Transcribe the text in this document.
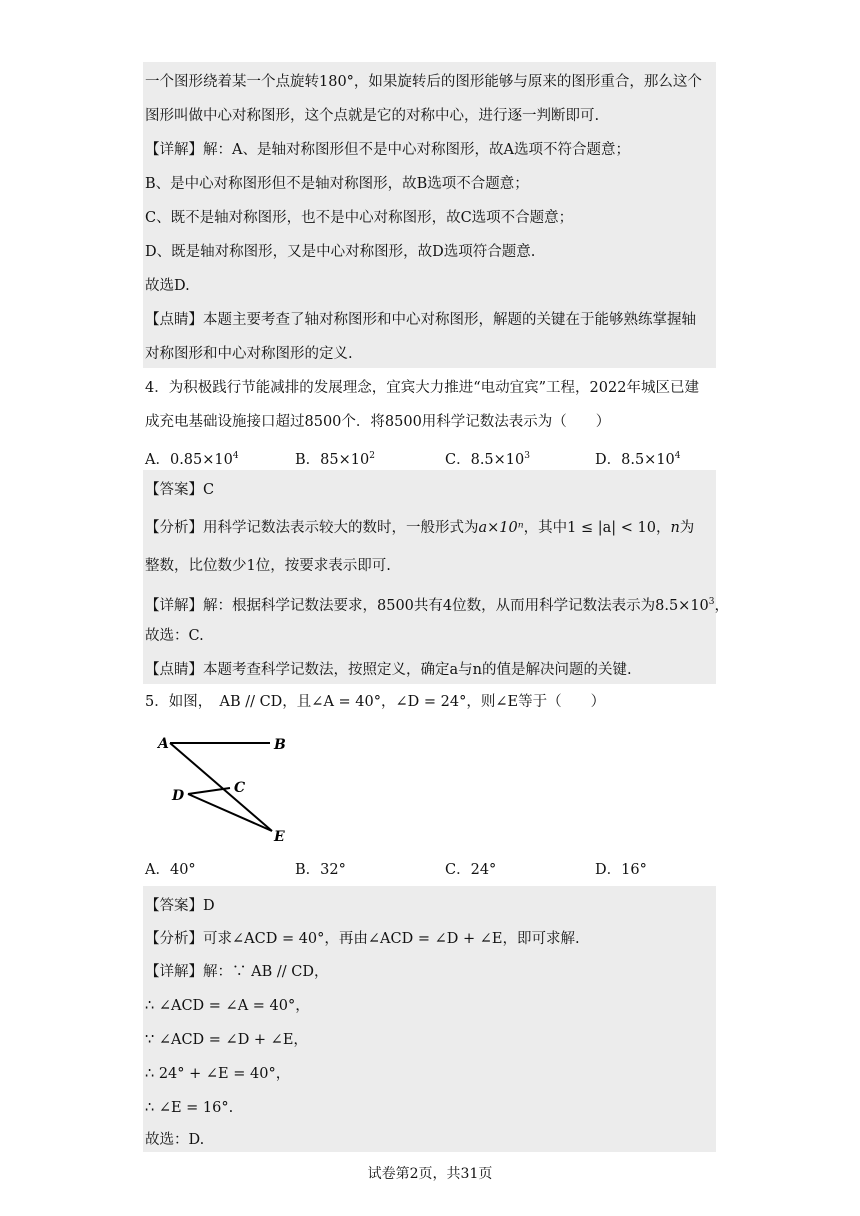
一个图形绕着某一个点旋转180°，如果旋转后的图形能够与原来的图形重合，那么这个
图形叫做中心对称图形，这个点就是它的对称中心，进行逐一判断即可.
【详解】解：A、是轴对称图形但不是中心对称图形，故A选项不符合题意；
B、是中心对称图形但不是轴对称图形，故B选项不合题意；
C、既不是轴对称图形，也不是中心对称图形，故C选项不合题意；
D、既是轴对称图形，又是中心对称图形，故D选项符合题意.
故选D.
【点睛】本题主要考查了轴对称图形和中心对称图形，解题的关键在于能够熟练掌握轴
对称图形和中心对称图形的定义.
4．为积极践行节能减排的发展理念，宜宾大力推进“电动宜宾”工程，2022年城区已建
成充电基础设施接口超过8500个．将8500用科学记数法表示为（　　）
A．$0.85\times 10^4$	B．$85\times 10^2$	C．$8.5\times 10^3$	D．$8.5\times 10^4$
【答案】C
【分析】用科学记数法表示较大的数时，一般形式为a×10ⁿ，其中1 ≤ |a| < 10，n为
整数，比位数少1位，按要求表示即可.
【详解】解：根据科学记数法要求，8500共有4位数，从而用科学记数法表示为$8.5\times 10^3$，
故选：C.
【点睛】本题考查科学记数法，按照定义，确定a与n的值是解决问题的关键.
5．如图，　AB // CD，且∠A = 40°，∠D = 24°，则∠E等于（　　）
A	B
C
D
E
A．40°	B．32°	C．24°	D．16°
【答案】D
【分析】可求∠ACD = 40°，再由∠ACD = ∠D + ∠E，即可求解.
【详解】解：∵ AB // CD，
∴ ∠ACD = ∠A = 40°，
∵ ∠ACD = ∠D + ∠E，
∴ 24° + ∠E = 40°，
∴ ∠E = 16°.
故选：D.
试卷第2页，共31页
